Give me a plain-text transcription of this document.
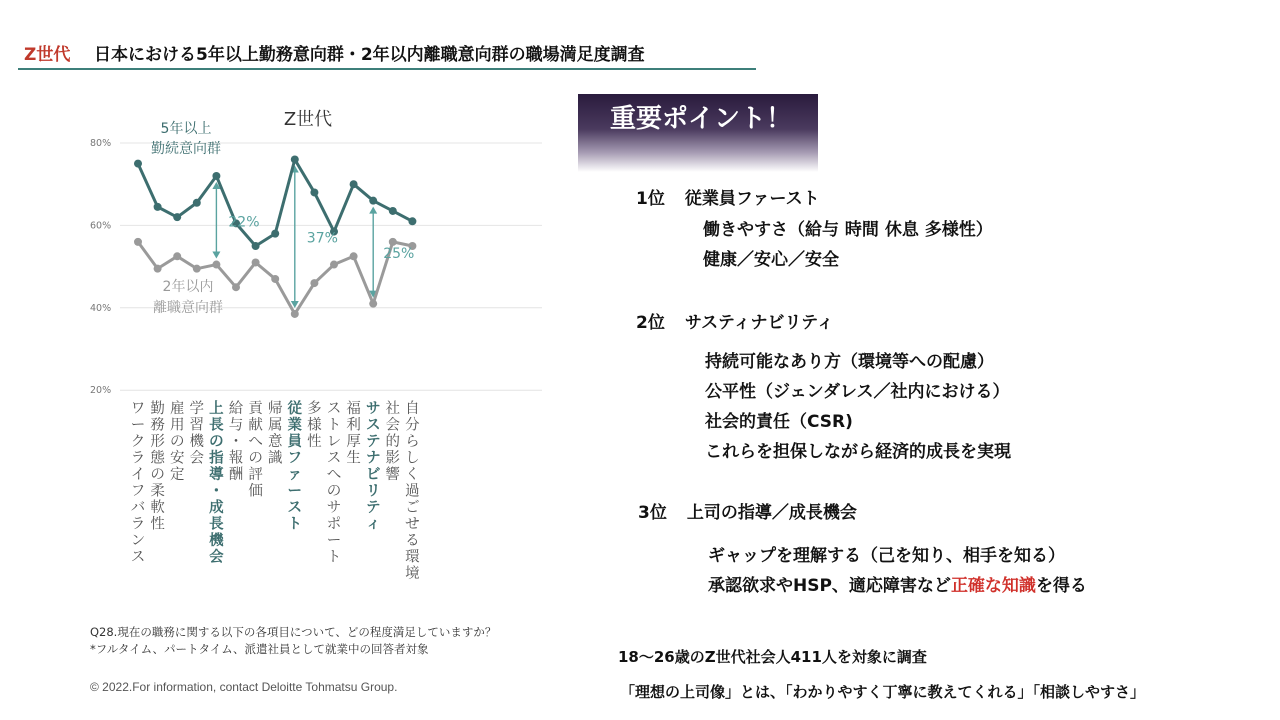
Z世代 日本における5年以上勤務意向群・2年以内離職意向群の職場満足度調査
Z世代
80%
60%
40%
20%
22%
37%
25%
5年以上
勤続意向群
2年以内
離職意向群
ワークライフバランス
勤務形態の柔軟性
雇用の安定
学習機会
上長の指導・成長機会
給与・報酬
貢献への評価
帰属意識
従業員ファースト
多様性
ストレスへのサポート
福利厚生
サステナビリティ
社会的影響
自分らしく過ごせる環境
Q28.現在の職務に関する以下の各項目について、どの程度満足していますか？
*フルタイム、パートタイム、派遣社員として就業中の回答者対象
© 2022.For information, contact Deloitte Tohmatsu Group.
重要ポイント！
1位 従業員ファースト
働きやすさ（給与 時間 休息 多様性）
健康／安心／安全
2位 サスティナビリティ
持続可能なあり方（環境等への配慮）
公平性（ジェンダレス／社内における）
社会的責任（CSR)
これらを担保しながら経済的成長を実現
3位 上司の指導／成長機会
ギャップを理解する（己を知り、相手を知る）
承認欲求やHSP、適応障害など正確な知識を得る
18〜26歳のZ世代社会人411人を対象に調査
「理想の上司像」とは、「わかりやすく丁寧に教えてくれる」「相談しやすさ」
